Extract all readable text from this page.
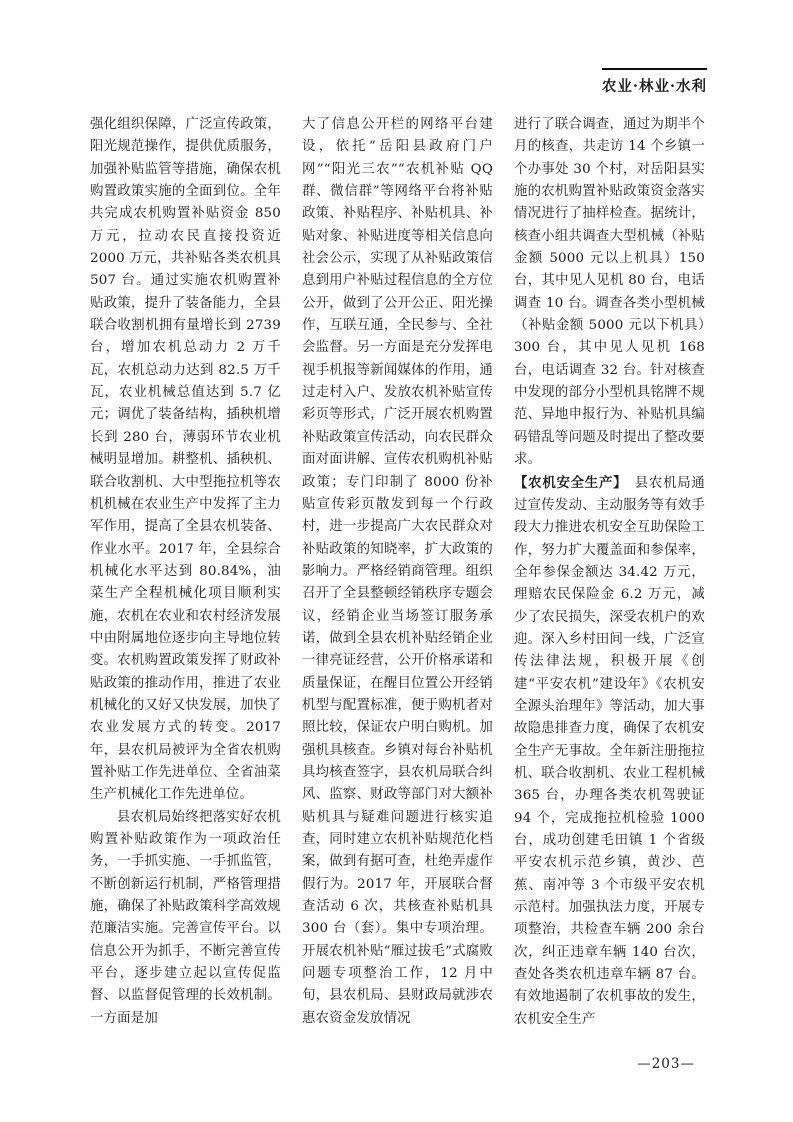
农业·林业·水利

强化组织保障，广泛宣传政策，阳光规范操作，提供优质服务，加强补贴监管等措施，确保农机购置政策实施的全面到位。全年共完成农机购置补贴资金 850 万元，拉动农民直接投资近 2000 万元，共补贴各类农机具 507 台。通过实施农机购置补贴政策，提升了装备能力，全县联合收割机拥有量增长到 2739 台，增加农机总动力 2 万千瓦，农机总动力达到 82.5 万千瓦，农业机械总值达到 5.7 亿元；调优了装备结构，插秧机增长到 280 台，薄弱环节农业机械明显增加。耕整机、插秧机、联合收割机、大中型拖拉机等农机机械在农业生产中发挥了主力军作用，提高了全县农机装备、作业水平。2017 年，全县综合机械化水平达到 80.84%，油菜生产全程机械化项目顺利实施，农机在农业和农村经济发展中由附属地位逐步向主导地位转变。农机购置政策发挥了财政补贴政策的推动作用，推进了农业机械化的又好又快发展，加快了农业发展方式的转变。2017 年，县农机局被评为全省农机购置补贴工作先进单位、全省油菜生产机械化工作先进单位。

县农机局始终把落实好农机购置补贴政策作为一项政治任务，一手抓实施、一手抓监管，不断创新运行机制，严格管理措施，确保了补贴政策科学高效规范廉洁实施。完善宣传平台。以信息公开为抓手，不断完善宣传平台，逐步建立起以宣传促监督、以监督促管理的长效机制。一方面是加

大了信息公开栏的网络平台建设，依托“岳阳县政府门户网”“阳光三农”“农机补贴 QQ 群、微信群”等网络平台将补贴政策、补贴程序、补贴机具、补贴对象、补贴进度等相关信息向社会公示，实现了从补贴政策信息到用户补贴过程信息的全方位公开，做到了公开公正、阳光操作，互联互通，全民参与、全社会监督。另一方面是充分发挥电视手机报等新闻媒体的作用，通过走村入户、发放农机补贴宣传彩页等形式，广泛开展农机购置补贴政策宣传活动，向农民群众面对面讲解、宣传农机购机补贴政策；专门印制了 8000 份补贴宣传彩页散发到每一个行政村，进一步提高广大农民群众对补贴政策的知晓率，扩大政策的影响力。严格经销商管理。组织召开了全县整顿经销秩序专题会议，经销企业当场签订服务承诺，做到全县农机补贴经销企业一律亮证经营，公开价格承诺和质量保证，在醒目位置公开经销机型与配置标准，便于购机者对照比较，保证农户明白购机。加强机具核查。乡镇对每台补贴机具均核查签字，县农机局联合纠风、监察、财政等部门对大额补贴机具与疑难问题进行核实追查，同时建立农机补贴规范化档案，做到有据可查，杜绝弄虚作假行为。2017 年，开展联合督查活动 6 次，共核查补贴机具 300 台（套）。集中专项治理。开展农机补贴“雁过拔毛”式腐败问题专项整治工作，12 月中旬，县农机局、县财政局就涉农惠农资金发放情况

进行了联合调查，通过为期半个月的核查，共走访 14 个乡镇一个办事处 30 个村，对岳阳县实施的农机购置补贴政策资金落实情况进行了抽样检查。据统计，核查小组共调查大型机械（补贴金额 5000 元以上机具）150 台，其中见人见机 80 台，电话调查 10 台。调查各类小型机械（补贴金额 5000 元以下机具）300 台，其中见人见机 168 台，电话调查 32 台。针对核查中发现的部分小型机具铭牌不规范、异地申报行为、补贴机具编码错乱等问题及时提出了整改要求。

【农机安全生产】　县农机局通过宣传发动、主动服务等有效手段大力推进农机安全互助保险工作，努力扩大覆盖面和参保率，全年参保金额达 34.42 万元，理赔农民保险金 6.2 万元，减少了农民损失，深受农机户的欢迎。深入乡村田间一线，广泛宣传法律法规，积极开展《创建“平安农机”建设年》《农机安全源头治理年》等活动，加大事故隐患排查力度，确保了农机安全生产无事故。全年新注册拖拉机、联合收割机、农业工程机械 365 台，办理各类农机驾驶证 94 个，完成拖拉机检验 1000 台，成功创建毛田镇 1 个省级平安农机示范乡镇，黄沙、芭蕉、南冲等 3 个市级平安农机示范村。加强执法力度，开展专项整治，共检查车辆 200 余台次，纠正违章车辆 140 台次，查处各类农机违章车辆 87 台。有效地遏制了农机事故的发生，农机安全生产

—203—
